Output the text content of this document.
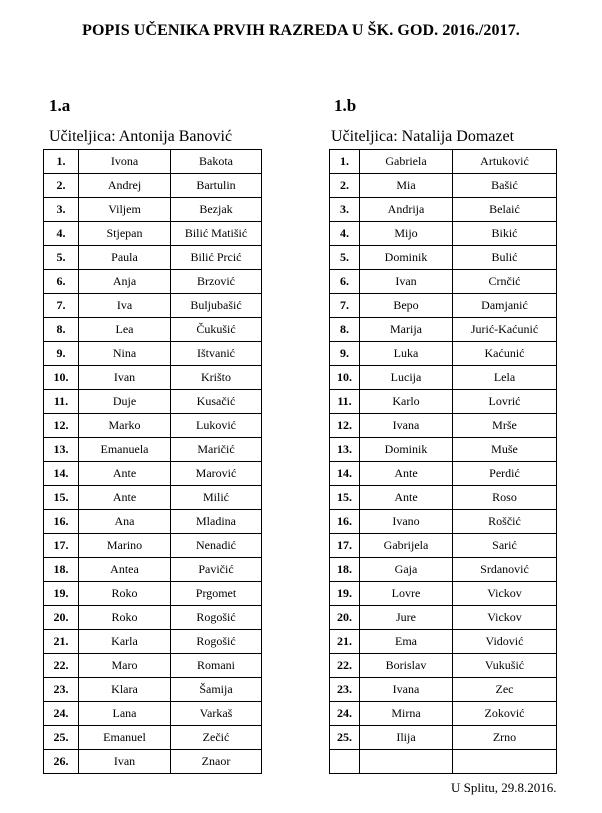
POPIS UČENIKA PRVIH RAZREDA U ŠK. GOD. 2016./2017.
1.a	1.b
Učiteljica: Antonija Banović	Učiteljica: Natalija Domazet
1.	Ivona	Bakota
2.	Andrej	Bartulin
3.	Viljem	Bezjak
4.	Stjepan	Bilić Matišić
5.	Paula	Bilić Prcić
6.	Anja	Brzović
7.	Iva	Buljubašić
8.	Lea	Čukušić
9.	Nina	Ištvanić
10.	Ivan	Krišto
11.	Duje	Kusačić
12.	Marko	Luković
13.	Emanuela	Maričić
14.	Ante	Marović
15.	Ante	Milić
16.	Ana	Mladina
17.	Marino	Nenadić
18.	Antea	Pavičić
19.	Roko	Prgomet
20.	Roko	Rogošić
21.	Karla	Rogošić
22.	Maro	Romani
23.	Klara	Šamija
24.	Lana	Varkaš
25.	Emanuel	Zečić
26.	Ivan	Znaor
1.	Gabriela	Artuković
2.	Mia	Bašić
3.	Andrija	Belaić
4.	Mijo	Bikić
5.	Dominik	Bulić
6.	Ivan	Crnčić
7.	Bepo	Damjanić
8.	Marija	Jurić-Kaćunić
9.	Luka	Kaćunić
10.	Lucija	Lela
11.	Karlo	Lovrić
12.	Ivana	Mrše
13.	Dominik	Muše
14.	Ante	Perdić
15.	Ante	Roso
16.	Ivano	Roščić
17.	Gabrijela	Sarić
18.	Gaja	Srdanović
19.	Lovre	Vickov
20.	Jure	Vickov
21.	Ema	Vidović
22.	Borislav	Vukušić
23.	Ivana	Zec
24.	Mirna	Zoković
25.	Ilija	Zrno

U Splitu, 29.8.2016.
